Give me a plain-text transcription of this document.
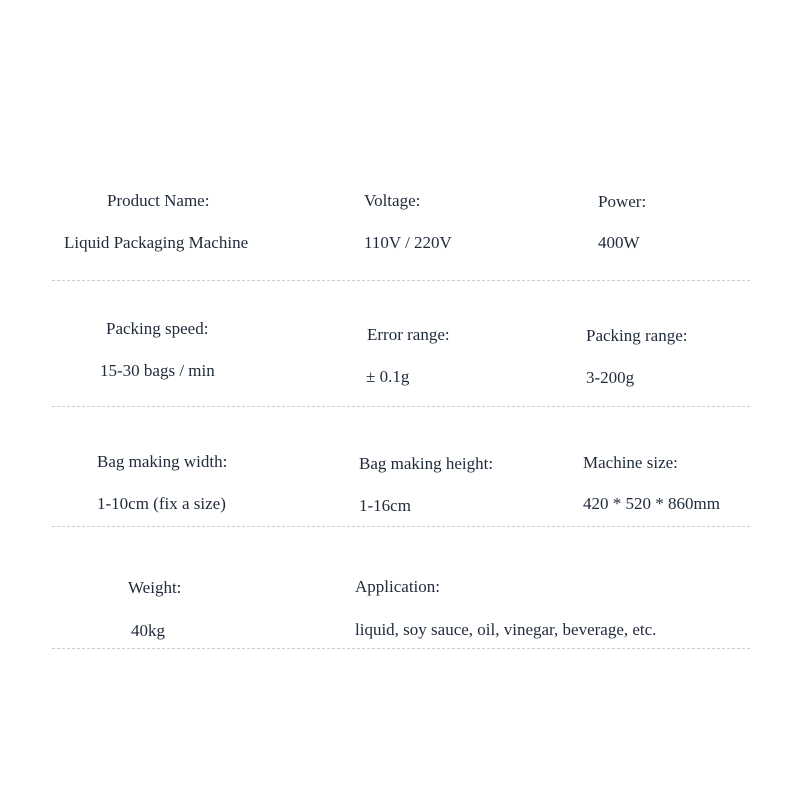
Product Name:
Liquid Packaging Machine
Voltage:
110V / 220V
Power:
400W
Packing speed:
15-30 bags / min
Error range:
± 0.1g
Packing range:
3-200g
Bag making width:
1-10cm (fix a size)
Bag making height:
1-16cm
Machine size:
420 * 520 * 860mm
Weight:
40kg
Application:
liquid, soy sauce, oil, vinegar, beverage, etc.
